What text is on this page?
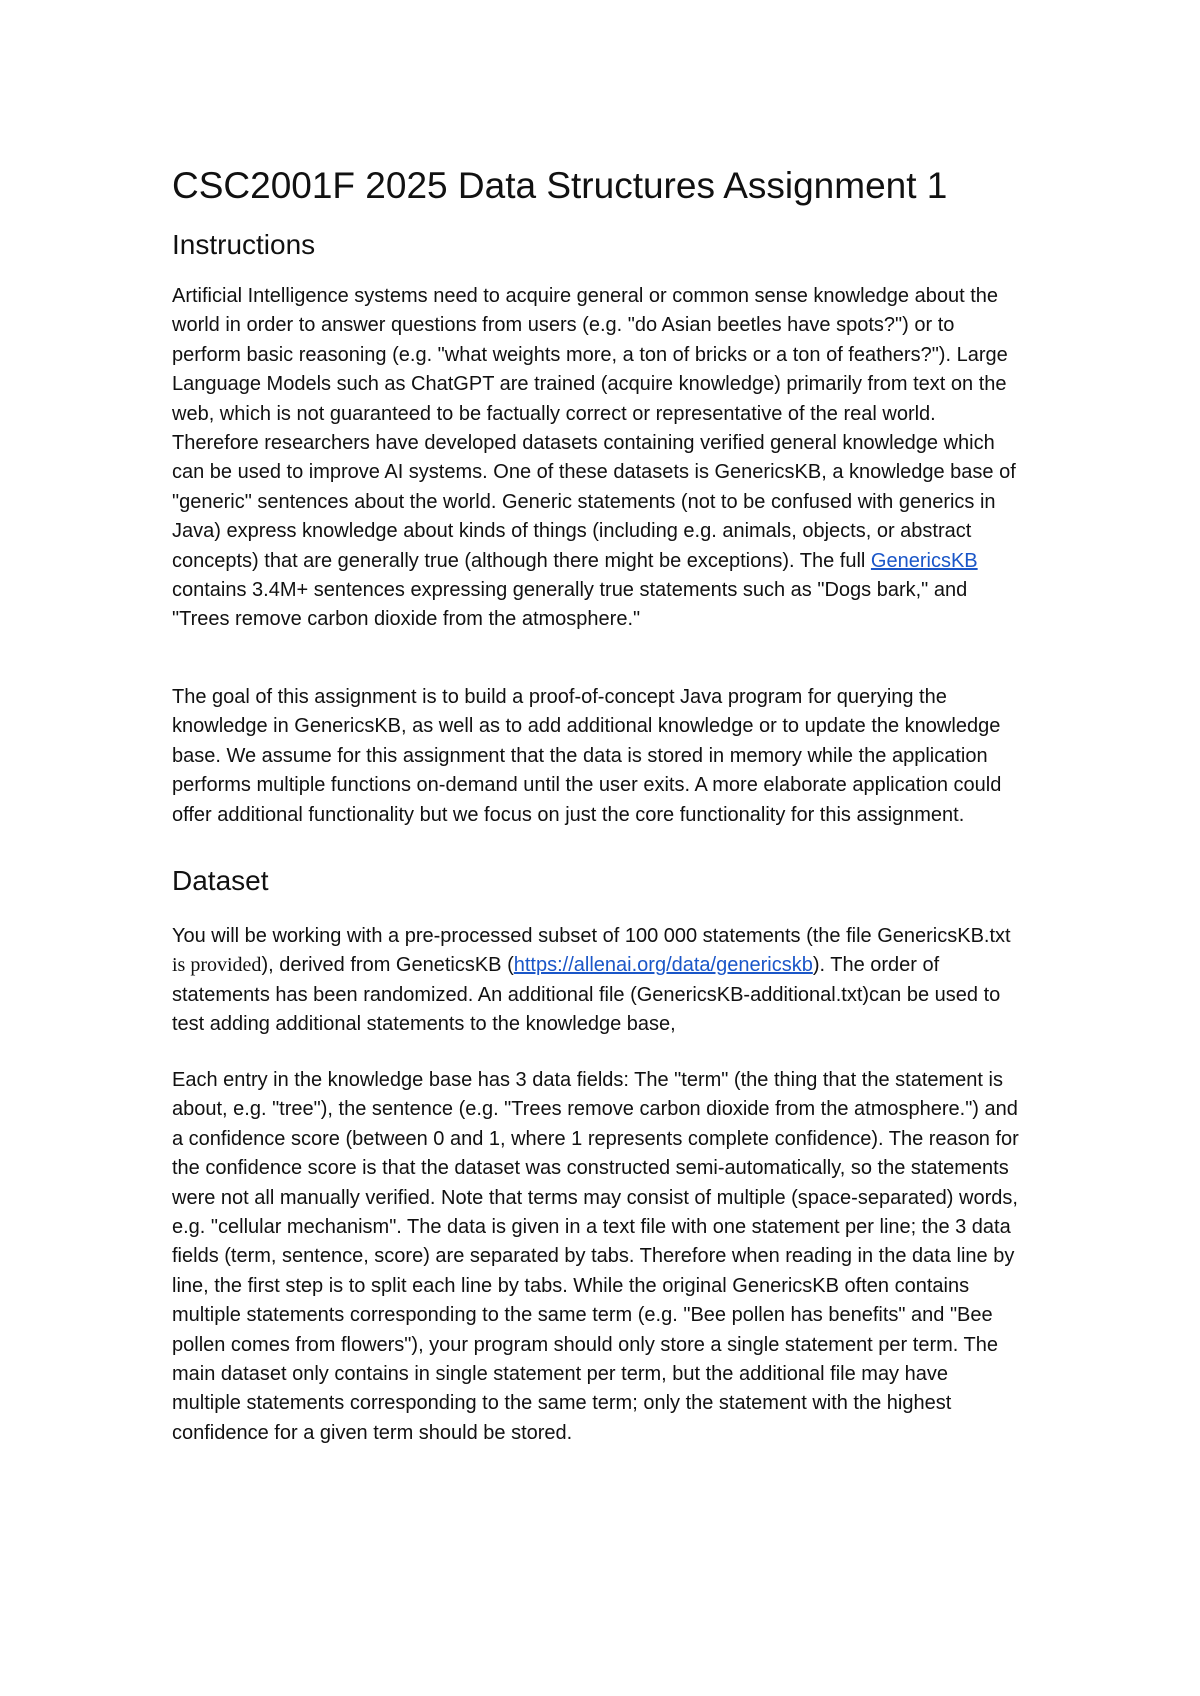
CSC2001F 2025 Data Structures Assignment 1
Instructions
Artificial Intelligence systems need to acquire general or common sense knowledge about the
world in order to answer questions from users (e.g. "do Asian beetles have spots?") or to
perform basic reasoning (e.g. "what weights more, a ton of bricks or a ton of feathers?"). Large
Language Models such as ChatGPT are trained (acquire knowledge) primarily from text on the
web, which is not guaranteed to be factually correct or representative of the real world.
Therefore researchers have developed datasets containing verified general knowledge which
can be used to improve AI systems. One of these datasets is GenericsKB, a knowledge base of
"generic" sentences about the world. Generic statements (not to be confused with generics in
Java) express knowledge about kinds of things (including e.g. animals, objects, or abstract
concepts) that are generally true (although there might be exceptions). The full GenericsKB
contains 3.4M+ sentences expressing generally true statements such as "Dogs bark," and
"Trees remove carbon dioxide from the atmosphere."
The goal of this assignment is to build a proof-of-concept Java program for querying the
knowledge in GenericsKB, as well as to add additional knowledge or to update the knowledge
base. We assume for this assignment that the data is stored in memory while the application
performs multiple functions on-demand until the user exits. A more elaborate application could
offer additional functionality but we focus on just the core functionality for this assignment.
Dataset
You will be working with a pre-processed subset of 100 000 statements (the file GenericsKB.txt
is provided), derived from GeneticsKB (https://allenai.org/data/genericskb). The order of
statements has been randomized. An additional file (GenericsKB-additional.txt)can be used to
test adding additional statements to the knowledge base,
Each entry in the knowledge base has 3 data fields: The "term" (the thing that the statement is
about, e.g. "tree"), the sentence (e.g. "Trees remove carbon dioxide from the atmosphere.") and
a confidence score (between 0 and 1, where 1 represents complete confidence). The reason for
the confidence score is that the dataset was constructed semi-automatically, so the statements
were not all manually verified. Note that terms may consist of multiple (space-separated) words,
e.g. "cellular mechanism". The data is given in a text file with one statement per line; the 3 data
fields (term, sentence, score) are separated by tabs. Therefore when reading in the data line by
line, the first step is to split each line by tabs. While the original GenericsKB often contains
multiple statements corresponding to the same term (e.g. "Bee pollen has benefits" and "Bee
pollen comes from flowers"), your program should only store a single statement per term. The
main dataset only contains in single statement per term, but the additional file may have
multiple statements corresponding to the same term; only the statement with the highest
confidence for a given term should be stored.
